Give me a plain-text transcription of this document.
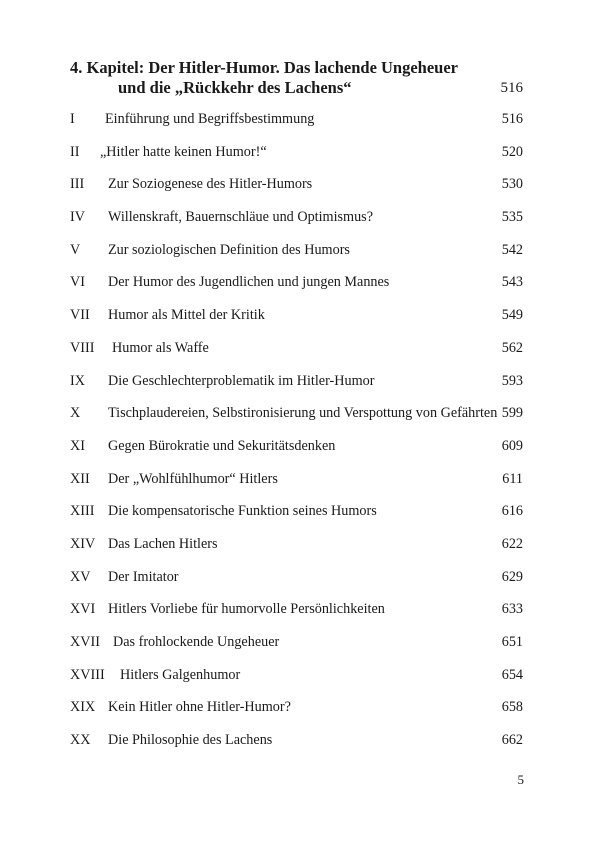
4. Kapitel: Der Hitler-Humor. Das lachende Ungeheuer
und die „Rückkehr des Lachens“	516
I Einführung und Begriffsbestimmung	516
II „Hitler hatte keinen Humor!“	520
III Zur Soziogenese des Hitler-Humors	530
IV Willenskraft, Bauernschläue und Optimismus?	535
V Zur soziologischen Definition des Humors	542
VI Der Humor des Jugendlichen und jungen Mannes	543
VII Humor als Mittel der Kritik	549
VIII Humor als Waffe	562
IX Die Geschlechterproblematik im Hitler-Humor	593
X Tischplaudereien, Selbstironisierung und Verspottung von Gefährten 599
XI Gegen Bürokratie und Sekuritätsdenken	609
XII Der „Wohlfühlhumor“ Hitlers	611
XIII Die kompensatorische Funktion seines Humors	616
XIV Das Lachen Hitlers	622
XV Der Imitator	629
XVI Hitlers Vorliebe für humorvolle Persönlichkeiten	633
XVII Das frohlockende Ungeheuer	651
XVIII Hitlers Galgenhumor	654
XIX Kein Hitler ohne Hitler-Humor?	658
XX Die Philosophie des Lachens	662
5
